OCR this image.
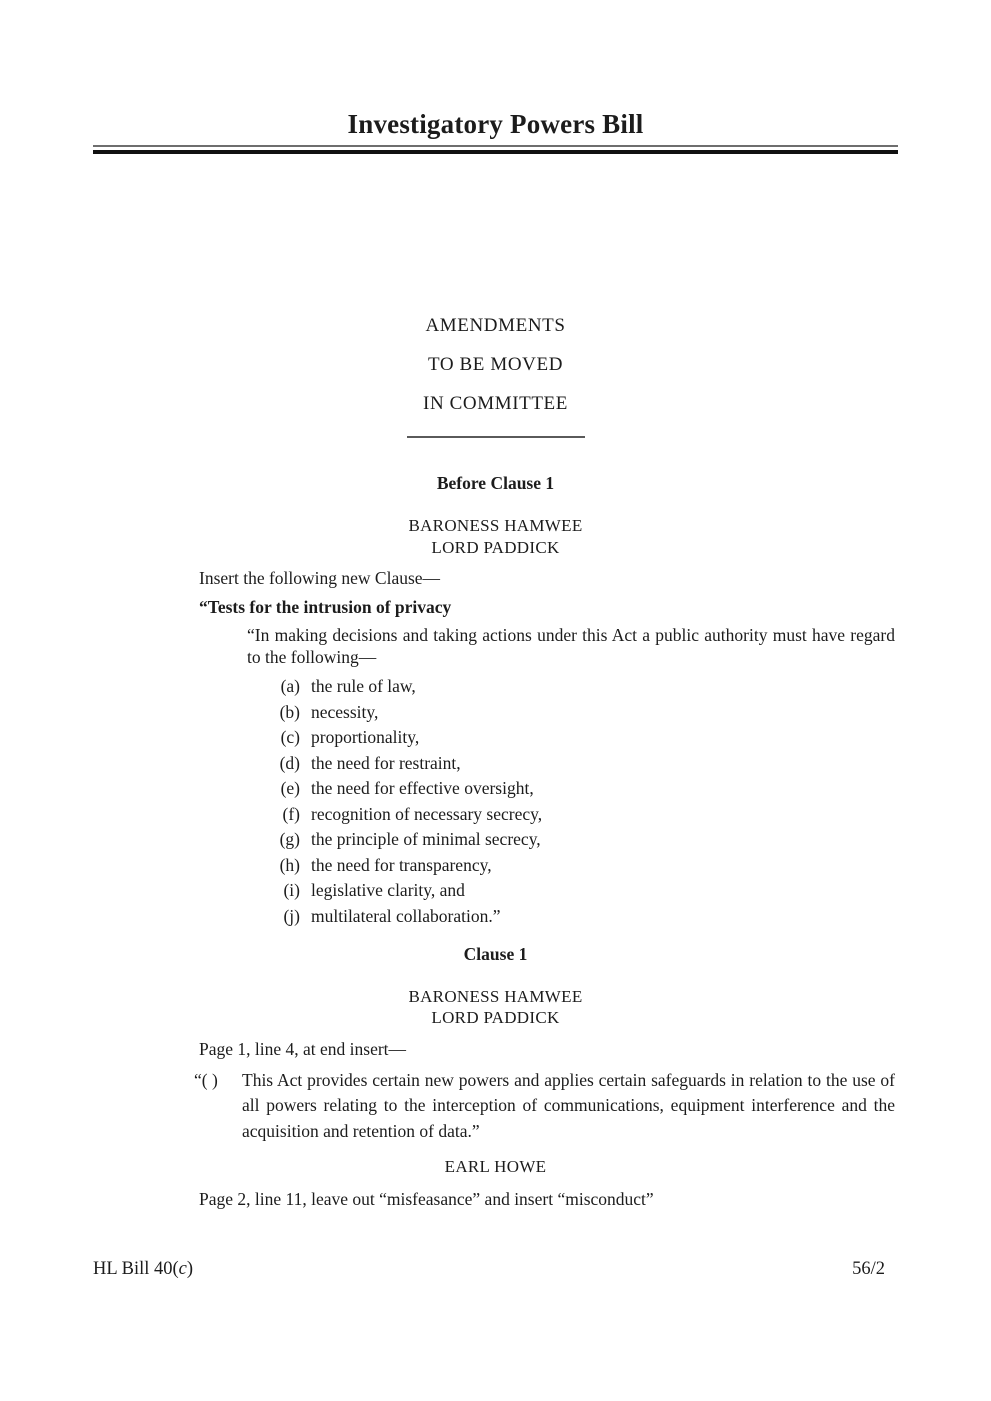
Investigatory Powers Bill
AMENDMENTS
TO BE MOVED
IN COMMITTEE
Before Clause 1
BARONESS HAMWEE
LORD PADDICK
Insert the following new Clause—
“Tests for the intrusion of privacy
“In making decisions and taking actions under this Act a public authority must have regard to the following—
(a) the rule of law,
(b) necessity,
(c) proportionality,
(d) the need for restraint,
(e) the need for effective oversight,
(f) recognition of necessary secrecy,
(g) the principle of minimal secrecy,
(h) the need for transparency,
(i) legislative clarity, and
(j) multilateral collaboration.”
Clause 1
BARONESS HAMWEE
LORD PADDICK
Page 1, line 4, at end insert—
“( )	This Act provides certain new powers and applies certain safeguards in relation to the use of all powers relating to the interception of communications, equipment interference and the acquisition and retention of data.”
EARL HOWE
Page 2, line 11, leave out “misfeasance” and insert “misconduct”
HL Bill 40(c)	56/2
